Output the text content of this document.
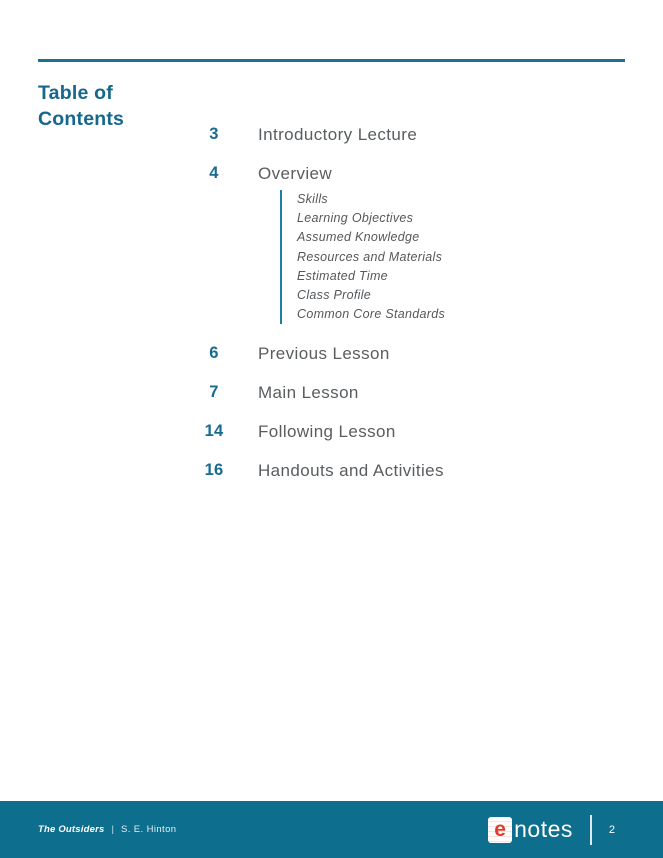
Table of Contents
3	Introductory Lecture
4	Overview
Skills
Learning Objectives
Assumed Knowledge
Resources and Materials
Estimated Time
Class Profile
Common Core Standards
6	Previous Lesson
7	Main Lesson
14	Following Lesson
16	Handouts and Activities
The Outsiders | S. E. Hinton	e notes	2
